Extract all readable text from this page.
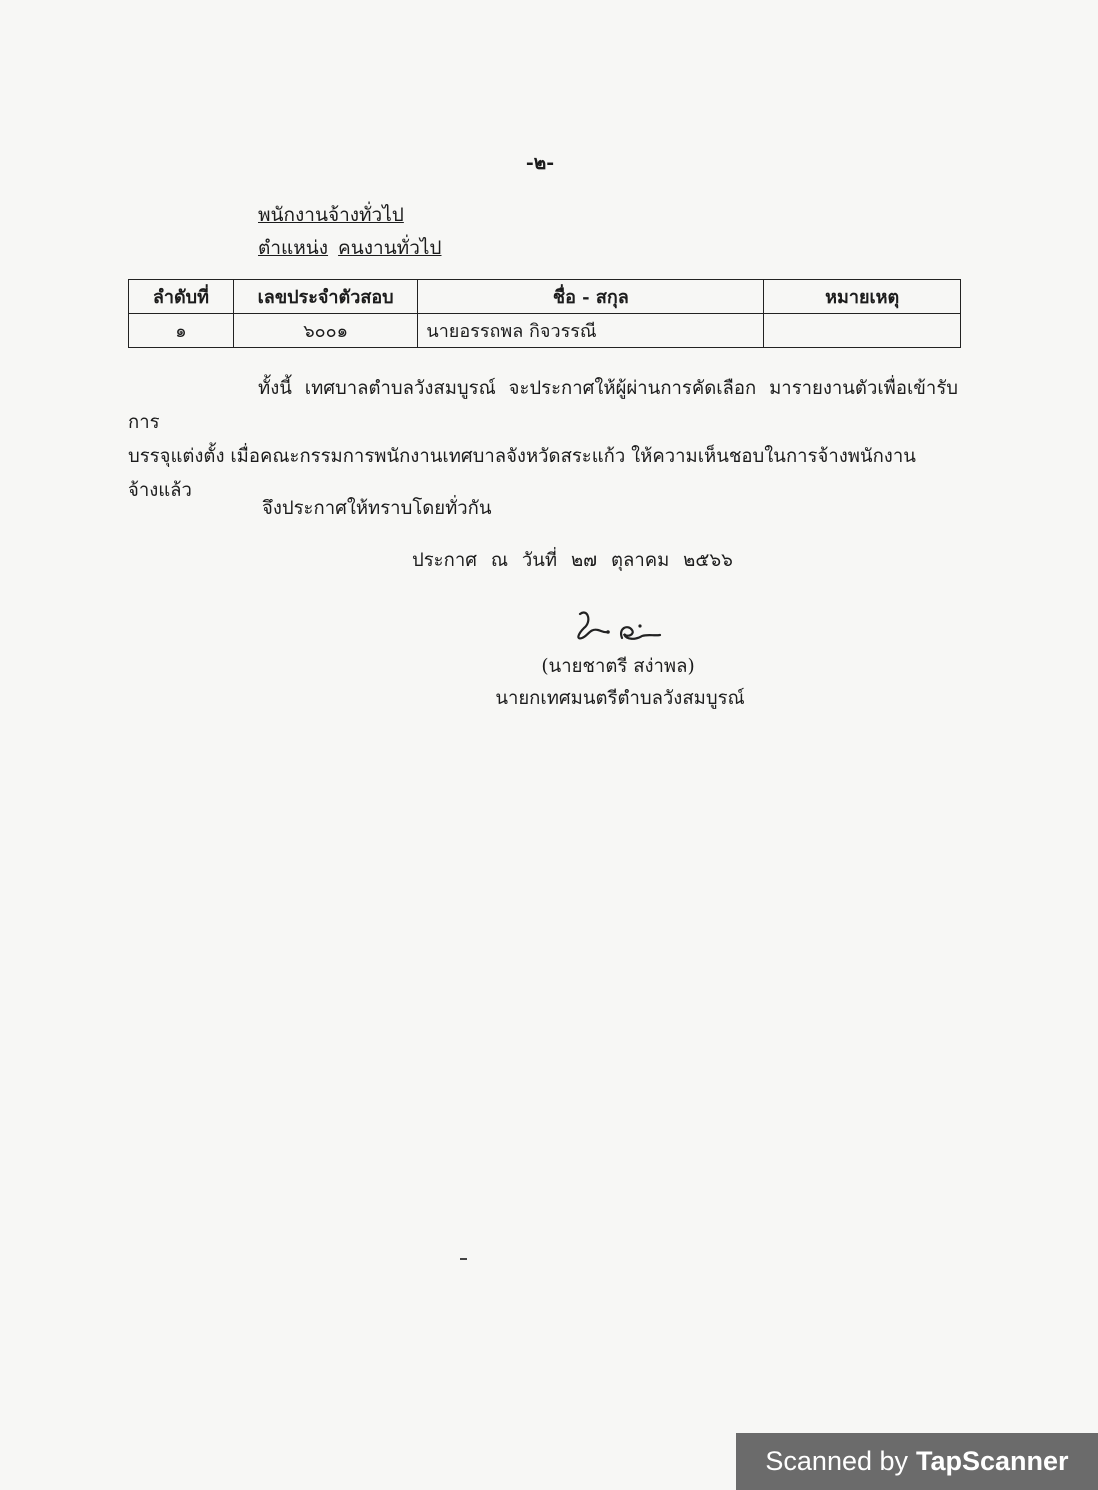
-๒-
พนักงานจ้างทั่วไป
ตำแหน่ง คนงานทั่วไป
ลำดับที่	เลขประจำตัวสอบ	ชื่อ - สกุล	หมายเหตุ
๑	๖๐๐๑	นายอรรถพล กิจวรรณี	
ทั้งนี้ เทศบาลตำบลวังสมบูรณ์ จะประกาศให้ผู้ผ่านการคัดเลือก มารายงานตัวเพื่อเข้ารับการ
บรรจุแต่งตั้ง เมื่อคณะกรรมการพนักงานเทศบาลจังหวัดสระแก้ว ให้ความเห็นชอบในการจ้างพนักงาน
จ้างแล้ว
จึงประกาศให้ทราบโดยทั่วกัน
ประกาศ ณ วันที่ ๒๗ ตุลาคม ๒๕๖๖
(นายชาตรี สง่าพล)
นายกเทศมนตรีตำบลวังสมบูรณ์
Scanned by TapScanner
